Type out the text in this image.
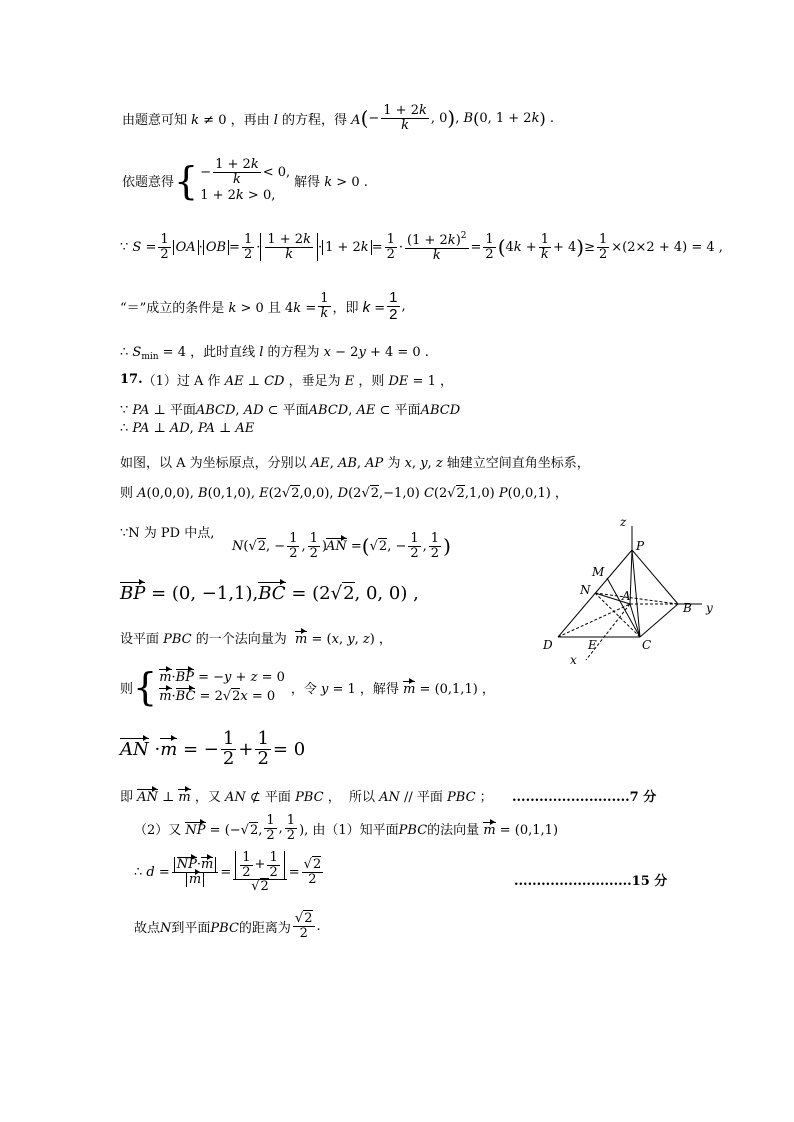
由题意可知 k ≠ 0 ，再由 l 的方程，得 A ( − $\frac{1 + 2k}{k}$ , 0 ) , B ( 0, 1 + 2k ) .
依题意得 { − $\frac{1 + 2k}{k} < 0$,
1 + 2k > 0,
解得 k > 0 .
∵ $S = \frac{1}{2}$ OA · OB = $\frac{1}{2} \cdot \frac{1 + 2k}{k} \cdot 1 + 2k = \frac{1}{2} \cdot \frac{(1 + 2k)^2}{k} = \frac{1}{2}$ ( $4k + \frac{1}{k} + 4$ ) ≥ $\frac{1}{2} \times(2\times 2 + 4) = 4$ ,
“＝”成立的条件是 k > 0 且 $4k = \frac{1}{k}$ ，即 $k = \frac{1}{2}$ ,
∴ $S_{min} = 4$ ，此时直线 l 的方程为 x − 2y + 4 = 0 .
17. （1）过 A 作 AE ⊥ CD ，垂足为 E ，则 DE = 1 ，
∵ PA ⊥ 平面ABCD, AD ⊂ 平面ABCD, AE ⊂ 平面ABCD
∴ PA ⊥ AD, PA ⊥ AE
如图，以 A 为坐标原点，分别以 AE, AB, AP 为 x, y, z 轴建立空间直角坐标系，
则 A(0,0,0), B(0,1,0), E(2√2,0,0), D(2√2,−1,0) C(2√2,1,0) P(0,0,1) ，
∵N 为 PD 中点,
N (√2, − $\frac{1}{2}$ , $\frac{1}{2}$ ) AN = ( √2, − $\frac{1}{2}$ , $\frac{1}{2}$ )
BP = (0, −1,1), BC = (2√2, 0, 0) ,
设平面 PBC 的一个法向量为  m = (x, y, z) ，
则 { m·BP = −y + z = 0
m·BC = 2√2x = 0	，令 y = 1 ，解得 m = (0,1,1) ，
AN · m = − $\frac{1}{2} + \frac{1}{2} = 0$
即 AN ⊥ m ，又 AN ⊄ 平面 PBC ，  所以 AN // 平面 PBC ； ..........................7 分
（2）又 NP = (−√2, $\frac{1}{2}$ , $\frac{1}{2}$ ), 由（1）知平面PBC的法向量 m = (0,1,1)
∴ $d = \frac{NP\cdot m}{m} = \frac{\frac{1}{2} + \frac{1}{2}}{√2} = \frac{√2}{2}$	..........................15 分
故点N到平面PBC的距离为 $\frac{√2}{2}$ .
z
P
M
N	A
B y
D	E	C
x
